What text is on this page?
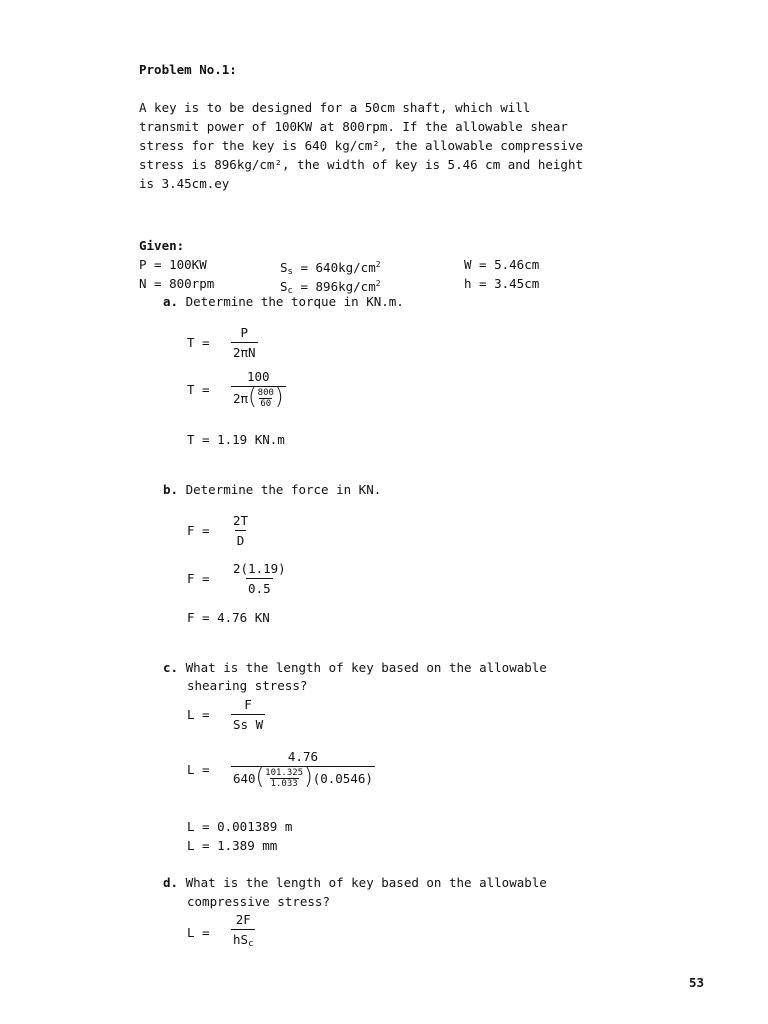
Problem No.1:
A key is to be designed for a 50cm shaft, which will
transmit power of 100KW at 800rpm. If the allowable shear
stress for the key is 640 kg/cm², the allowable compressive
stress is 896kg/cm², the width of key is 5.46 cm and height
is 3.45cm.ey
Given:
P = 100KW	$S_s = 640kg/cm^2$	W = 5.46cm
N = 800rpm	$S_c = 896kg/cm^2$	h = 3.45cm
a. Determine the torque in KN.m.
T =	$\frac{P}{2\pi N}$
T =	$\frac{100}{2\pi ( \frac{800}{60} )}$
T = 1.19 KN.m
b. Determine the force in KN.
F =	$\frac{2T}{D}$
F =	$\frac{2(1.19)}{0.5}$
F = 4.76 KN
c. What is the length of key based on the allowable
shearing stress?
L =	$\frac{F}{\text{Ss W}}$
L =	$\frac{4.76}{640 ( \frac{101.325}{1.033} ) (0.0546)}$
L = 0.001389 m
L = 1.389 mm
d. What is the length of key based on the allowable
compressive stress?
L =	$\frac{2F}{hS_c}$
53
